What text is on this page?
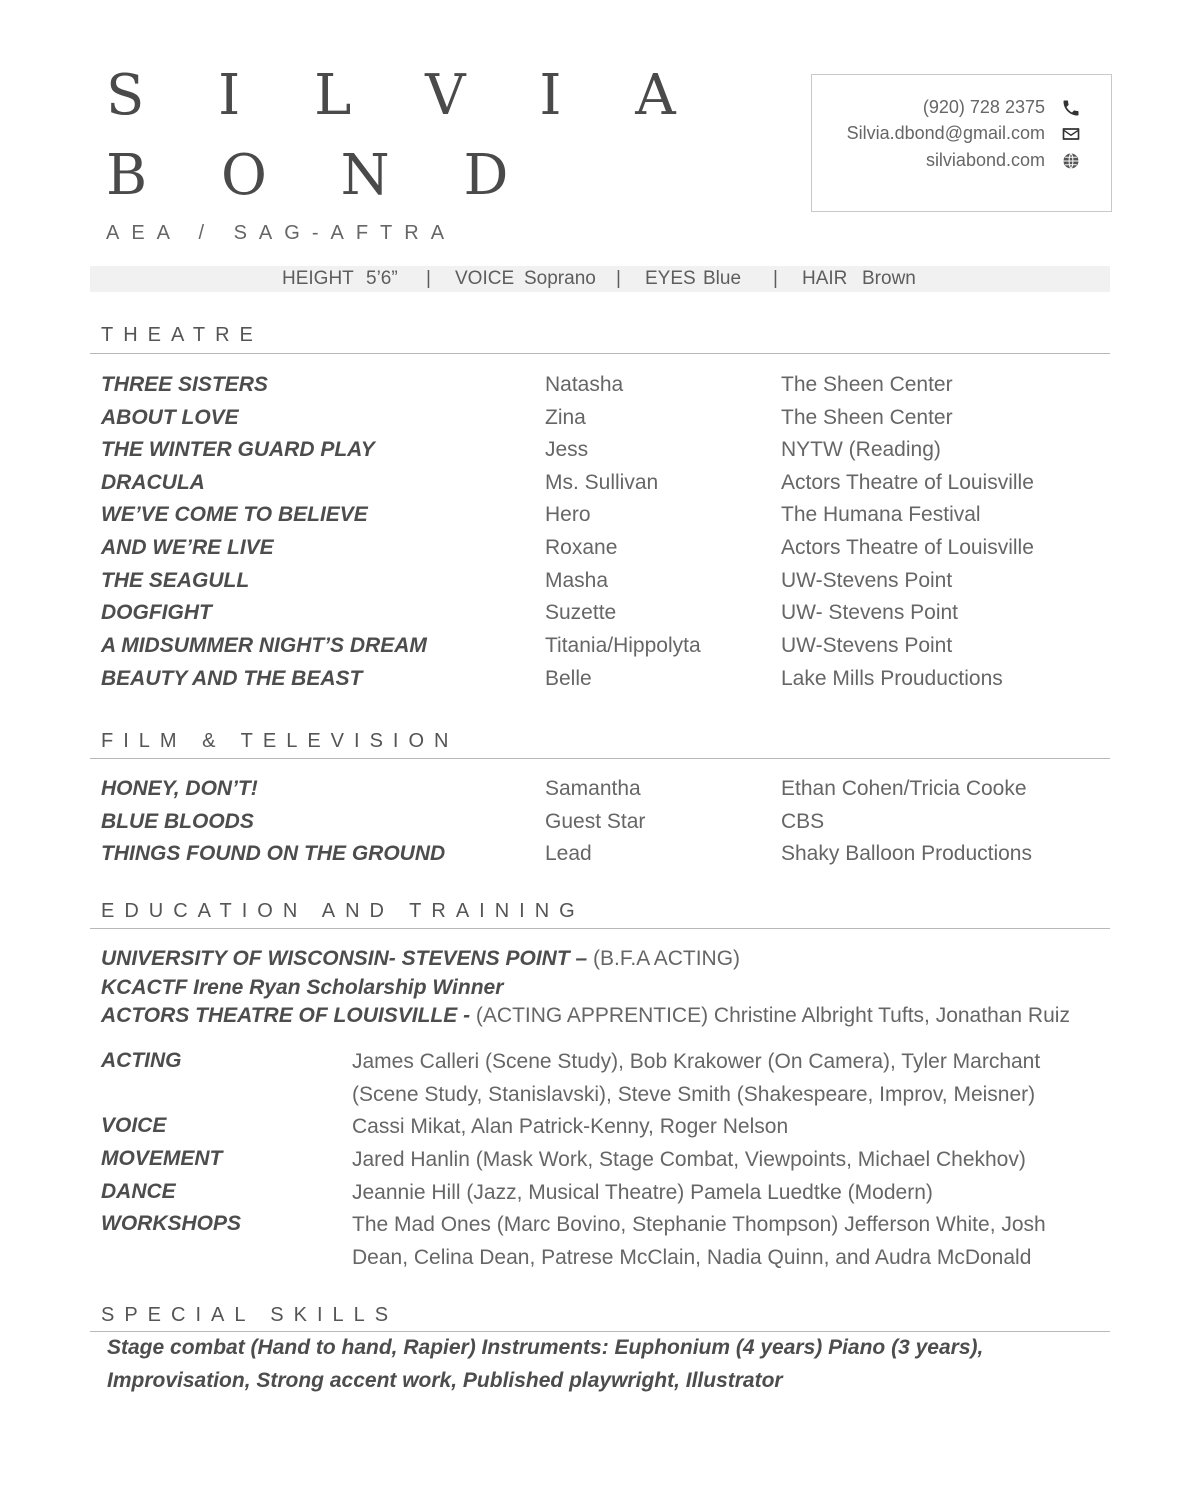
S I L V I A
B O N D
AEA / SAG-AFTRA
(920) 728 2375
Silvia.dbond@gmail.com
silviabond.com
HEIGHT 5’6” | VOICE Soprano | EYES Blue | HAIR Brown
THEATRE
THREE SISTERS	Natasha	The Sheen Center
ABOUT LOVE	Zina	The Sheen Center
THE WINTER GUARD PLAY	Jess	NYTW (Reading)
DRACULA	Ms. Sullivan	Actors Theatre of Louisville
WE’VE COME TO BELIEVE	Hero	The Humana Festival
AND WE’RE LIVE	Roxane	Actors Theatre of Louisville
THE SEAGULL	Masha	UW-Stevens Point
DOGFIGHT	Suzette	UW- Stevens Point
A MIDSUMMER NIGHT’S DREAM	Titania/Hippolyta	UW-Stevens Point
BEAUTY AND THE BEAST	Belle	Lake Mills Prouductions
FILM & TELEVISION
HONEY, DON’T!	Samantha	Ethan Cohen/Tricia Cooke
BLUE BLOODS	Guest Star	CBS
THINGS FOUND ON THE GROUND	Lead	Shaky Balloon Productions
EDUCATION AND TRAINING
UNIVERSITY OF WISCONSIN- STEVENS POINT – (B.F.A ACTING)
KCACTF Irene Ryan Scholarship Winner
ACTORS THEATRE OF LOUISVILLE - (ACTING APPRENTICE) Christine Albright Tufts, Jonathan Ruiz
ACTING	James Calleri (Scene Study), Bob Krakower (On Camera), Tyler Marchant (Scene Study, Stanislavski), Steve Smith (Shakespeare, Improv, Meisner)
VOICE	Cassi Mikat, Alan Patrick-Kenny, Roger Nelson
MOVEMENT	Jared Hanlin (Mask Work, Stage Combat, Viewpoints, Michael Chekhov)
DANCE	Jeannie Hill (Jazz, Musical Theatre) Pamela Luedtke (Modern)
WORKSHOPS	The Mad Ones (Marc Bovino, Stephanie Thompson) Jefferson White, Josh Dean, Celina Dean, Patrese McClain, Nadia Quinn, and Audra McDonald
SPECIAL SKILLS
Stage combat (Hand to hand, Rapier) Instruments: Euphonium (4 years) Piano (3 years), Improvisation, Strong accent work, Published playwright, Illustrator
